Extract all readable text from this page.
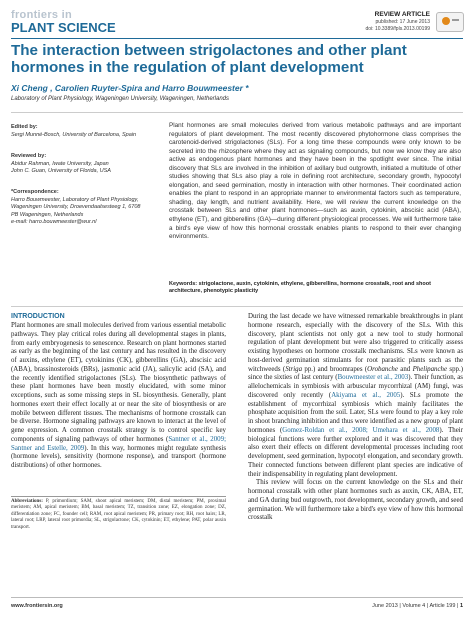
frontiers in
PLANT SCIENCE
REVIEW ARTICLE
published: 17 June 2013
doi: 10.3389/fpls.2013.00199
The interaction between strigolactones and other plant hormones in the regulation of plant development
Xi Cheng , Carolien Ruyter-Spira and Harro Bouwmeester *
Laboratory of Plant Physiology, Wageningen University, Wageningen, Netherlands
Edited by:
Sergi Munné-Bosch, University of Barcelona, Spain
Reviewed by:
Abidur Rahman, Iwate University, Japan
John C. Guan, University of Florida, USA
*Correspondence:
Harro Bouwmeester, Laboratory of Plant Physiology, Wageningen University, Droevendaalsesteeg 1, 6708 PB Wageningen, Netherlands
e-mail: harro.bouwmeester@wur.nl
Plant hormones are small molecules derived from various metabolic pathways and are important regulators of plant development. The most recently discovered phytohormone class comprises the carotenoid-derived strigolactones (SLs). For a long time these compounds were only known to be secreted into the rhizosphere where they act as signaling compounds, but now we know they are also active as endogenous plant hormones and they have been in the spotlight ever since. The initial discovery that SLs are involved in the inhibition of axillary bud outgrowth, initiated a multitude of other studies showing that SLs also play a role in defining root architecture, secondary growth, hypocotyl elongation, and seed germination, mostly in interaction with other hormones. Their coordinated action enables the plant to respond in an appropriate manner to environmental factors such as temperature, shading, day length, and nutrient availability. Here, we will review the current knowledge on the crosstalk between SLs and other plant hormones—such as auxin, cytokinin, abscisic acid (ABA), ethylene (ET), and gibberellins (GA)—during different physiological processes. We will furthermore take a bird's eye view of how this hormonal crosstalk enables plants to respond to their ever changing environments.
Keywords: strigolactone, auxin, cytokinin, ethylene, gibberellins, hormone crosstalk, root and shoot architecture, phenotypic plasticity
INTRODUCTION
Plant hormones are small molecules derived from various essential metabolic pathways. They play critical roles during all developmental stages in plants, from early embryogenesis to senescence. Research on plant hormones started as early as the beginning of the last century and has resulted in the discovery of auxins, ethylene (ET), cytokinins (CK), gibberellins (GA), abscisic acid (ABA), brassinosteroids (BRs), jasmonic acid (JA), salicylic acid (SA), and the recently identified strigolactones (SLs). The biosynthetic pathways of these plant hormones have been mostly elucidated, with some minor exceptions, such as some missing steps in SL biosynthesis. Generally, plant hormones exert their effect locally at or near the site of biosynthesis or are mobile between different tissues. The mechanisms of hormone crosstalk can be diverse. Hormone signaling pathways are known to interact at the level of gene expression. A common crosstalk strategy is to control specific key components of signaling pathways of other hormones (Santner et al., 2009; Santner and Estelle, 2009). In this way, hormones might regulate synthesis (hormone levels), sensitivity (hormone response), and transport (hormone distributions) of other hormones.
During the last decade we have witnessed remarkable breakthroughs in plant hormone research, especially with the discovery of the SLs. With this discovery, plant scientists not only got a new tool to study hormonal regulation of plant development but were also triggered to critically assess existing hypotheses on hormone crosstalk mechanisms. SLs were known as host-derived germination stimulants for root parasitic plants such as the witchweeds (Striga pp.) and broomrapes (Orobanche and Phelipanche spp.) since the sixties of last century (Bouwmeester et al., 2003). Their function, as allelochemicals in symbiosis with arbuscular mycorrhizal (AM) fungi, was discovered only recently (Akiyama et al., 2005). SLs promote the establishment of mycorrhizal symbiosis which mainly facilitates the phosphate acquisition from the soil. Later, SLs were found to play a key role in shoot branching inhibition and thus were identified as a new group of plant hormones (Gomez-Roldan et al., 2008; Umehara et al., 2008). Their biological functions were further explored and it was discovered that they also exert their effects on different developmental processes including root development, seed germination, hypocotyl elongation, and secondary growth. Their connected functions between different plant species are indicative of their indispensability in regulating plant development.
This review will focus on the current knowledge on the SLs and their hormonal crosstalk with other plant hormones such as auxin, CK, ABA, ET, and GA during bud outgrowth, root development, secondary growth, and seed germination. We will furthermore take a bird's eye view of how this hormonal crosstalk
Abbreviations: P, primordium; SAM, shoot apical meristem; DM, distal meristem; PM, proximal meristem; AM, apical meristem; BM, basal meristem; TZ, transition zone; EZ, elongation zone; DZ, differentiation zone; FC, founder cell; RAM, root apical meristem; PR, primary root; RH, root hairs; LR, lateral root; LRP, lateral root primordia; SL, strigolactone; CK, cytokinin; ET, ethylene; PAT, polar auxin transport.
www.frontiersin.org	June 2013 | Volume 4 | Article 199 | 1
